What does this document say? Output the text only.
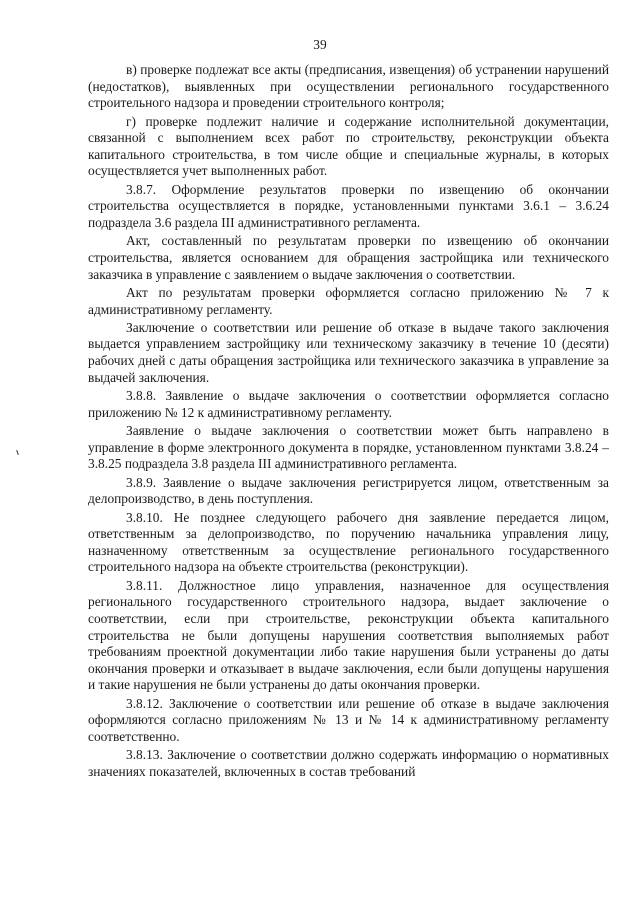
39

в) проверке подлежат все акты (предписания, извещения) об устранении нарушений (недостатков), выявленных при осуществлении регионального государственного строительного надзора и проведении строительного контроля;

г) проверке подлежит наличие и содержание исполнительной документации, связанной с выполнением всех работ по строительству, реконструкции объекта капитального строительства, в том числе общие и специальные журналы, в которых осуществляется учет выполненных работ.

3.8.7. Оформление результатов проверки по извещению об окончании строительства осуществляется в порядке, установленными пунктами 3.6.1 – 3.6.24 подраздела 3.6 раздела III административного регламента.

Акт, составленный по результатам проверки по извещению об окончании строительства, является основанием для обращения застройщика или технического заказчика в управление с заявлением о выдаче заключения о соответствии.

Акт по результатам проверки оформляется согласно приложению № 7 к административному регламенту.

Заключение о соответствии или решение об отказе в выдаче такого заключения выдается управлением застройщику или техническому заказчику в течение 10 (десяти) рабочих дней с даты обращения застройщика или технического заказчика в управление за выдачей заключения.

3.8.8. Заявление о выдаче заключения о соответствии оформляется согласно приложению № 12 к административному регламенту.

Заявление о выдаче заключения о соответствии может быть направлено в управление в форме электронного документа в порядке, установленном пунктами 3.8.24 – 3.8.25 подраздела 3.8 раздела III административного регламента.

3.8.9. Заявление о выдаче заключения регистрируется лицом, ответственным за делопроизводство, в день поступления.

3.8.10. Не позднее следующего рабочего дня заявление передается лицом, ответственным за делопроизводство, по поручению начальника управления лицу, назначенному ответственным за осуществление регионального государственного строительного надзора на объекте строительства (реконструкции).

3.8.11. Должностное лицо управления, назначенное для осуществления регионального государственного строительного надзора, выдает заключение о соответствии, если при строительстве, реконструкции объекта капитального строительства не были допущены нарушения соответствия выполняемых работ требованиям проектной документации либо такие нарушения были устранены до даты окончания проверки и отказывает в выдаче заключения, если были допущены нарушения и такие нарушения не были устранены до даты окончания проверки.

3.8.12. Заключение о соответствии или решение об отказе в выдаче заключения оформляются согласно приложениям № 13 и № 14 к административному регламенту соответственно.

3.8.13. Заключение о соответствии должно содержать информацию о нормативных значениях показателей, включенных в состав требований
